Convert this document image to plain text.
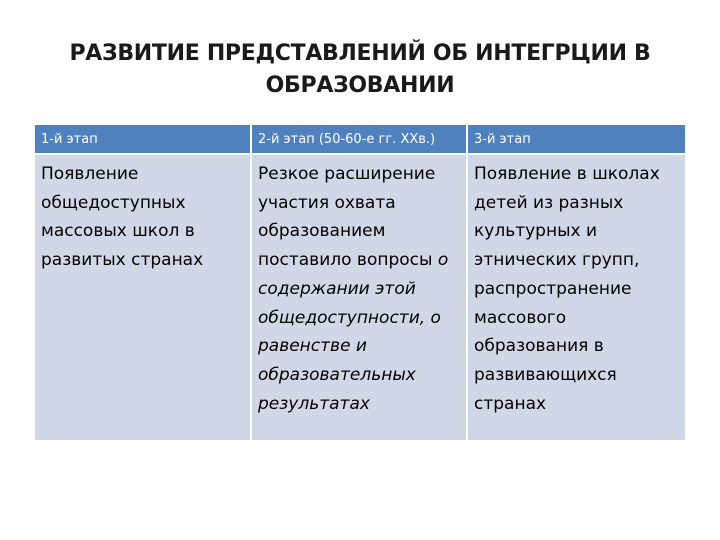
РАЗВИТИЕ ПРЕДСТАВЛЕНИЙ ОБ ИНТЕГРЦИИ В
ОБРАЗОВАНИИ
1-й этап	2-й этап (50-60-е гг. ХХв.)	3-й этап
Появление общедоступных массовых школ в развитых странах	Резкое расширение участия охвата образованием поставило вопросы о содержании этой общедоступности, о равенстве и образовательных результатах	Появление в школах детей из разных культурных и этнических групп, распространение массового образования в развивающихся странах
